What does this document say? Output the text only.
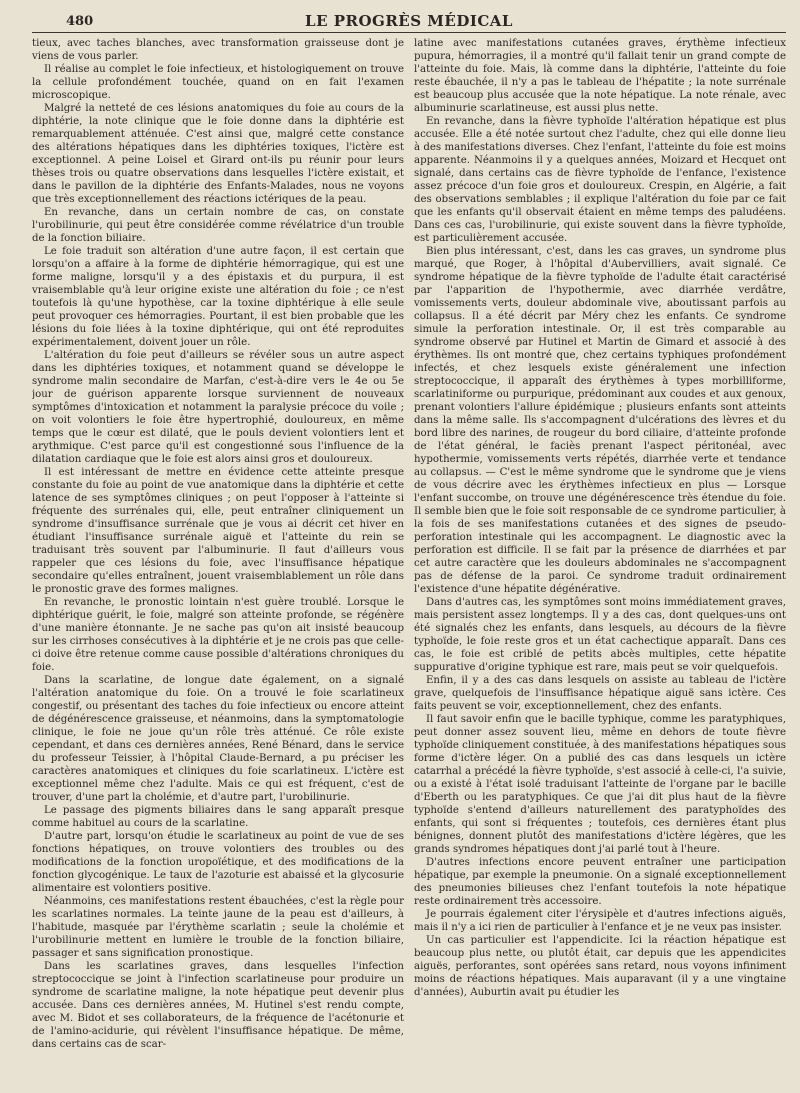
480	LE PROGRÈS MÉDICAL

tieux, avec taches blanches, avec transformation graisseuse dont je viens de vous parler.

Il réalise au complet le foie infectieux, et histologiquement on trouve la cellule profondément touchée, quand on en fait l'examen microscopique.

Malgré la netteté de ces lésions anatomiques du foie au cours de la diphtérie, la note clinique que le foie donne dans la diphtérie est remarquablement atténuée. C'est ainsi que, malgré cette constance des altérations hépatiques dans les diphtéries toxiques, l'ictère est exceptionnel. A peine Loisel et Girard ont-ils pu réunir pour leurs thèses trois ou quatre observations dans lesquelles l'ictère existait, et dans le pavillon de la diphtérie des Enfants-Malades, nous ne voyons que très exceptionnellement des réactions ictériques de la peau.

En revanche, dans un certain nombre de cas, on constate l'urobilinurie, qui peut être considérée comme révélatrice d'un trouble de la fonction biliaire.

Le foie traduit son altération d'une autre façon, il est certain que lorsqu'on a affaire à la forme de diphtérie hémorragique, qui est une forme maligne, lorsqu'il y a des épistaxis et du purpura, il est vraisemblable qu'à leur origine existe une altération du foie ; ce n'est toutefois là qu'une hypothèse, car la toxine diphtérique à elle seule peut provoquer ces hémorragies. Pourtant, il est bien probable que les lésions du foie liées à la toxine diphtérique, qui ont été reproduites expérimentalement, doivent jouer un rôle.

L'altération du foie peut d'ailleurs se révéler sous un autre aspect dans les diphtéries toxiques, et notamment quand se développe le syndrome malin secondaire de Marfan, c'est-à-dire vers le 4e ou 5e jour de guérison apparente lorsque surviennent de nouveaux symptômes d'intoxication et notamment la paralysie précoce du voile ; on voit volontiers le foie être hypertrophié, douloureux, en même temps que le cœur est dilaté, que le pouls devient volontiers lent et arythmique. C'est parce qu'il est congestionné sous l'influence de la dilatation cardiaque que le foie est alors ainsi gros et douloureux.

Il est intéressant de mettre en évidence cette atteinte presque constante du foie au point de vue anatomique dans la diphtérie et cette latence de ses symptômes cliniques ; on peut l'opposer à l'atteinte si fréquente des surrénales qui, elle, peut entraîner cliniquement un syndrome d'insuffisance surrénale que je vous ai décrit cet hiver en étudiant l'insuffisance surrénale aiguë et l'atteinte du rein se traduisant très souvent par l'albuminurie. Il faut d'ailleurs vous rappeler que ces lésions du foie, avec l'insuffisance hépatique secondaire qu'elles entraînent, jouent vraisemblablement un rôle dans le pronostic grave des formes malignes.

En revanche, le pronostic lointain n'est guère troublé. Lorsque le diphtérique guérit, le foie, malgré son atteinte profonde, se régénère d'une manière étonnante. Je ne sache pas qu'on ait insisté beaucoup sur les cirrhoses consécutives à la diphtérie et je ne crois pas que celle-ci doive être retenue comme cause possible d'altérations chroniques du foie.

Dans la scarlatine, de longue date également, on a signalé l'altération anatomique du foie. On a trouvé le foie scarlatineux congestif, ou présentant des taches du foie infectieux ou encore atteint de dégénérescence graisseuse, et néanmoins, dans la symptomatologie clinique, le foie ne joue qu'un rôle très atténué. Ce rôle existe cependant, et dans ces dernières années, René Bénard, dans le service du professeur Teissier, à l'hôpital Claude-Bernard, a pu préciser les caractères anatomiques et cliniques du foie scarlatineux. L'ictère est exceptionnel même chez l'adulte. Mais ce qui est fréquent, c'est de trouver, d'une part la cholémie, et d'autre part, l'urobilinurie.

Le passage des pigments biliaires dans le sang apparaît presque comme habituel au cours de la scarlatine.

D'autre part, lorsqu'on étudie le scarlatineux au point de vue de ses fonctions hépatiques, on trouve volontiers des troubles ou des modifications de la fonction uropoïétique, et des modifications de la fonction glycogénique. Le taux de l'azoturie est abaissé et la glycosurie alimentaire est volontiers positive.

Néanmoins, ces manifestations restent ébauchées, c'est la règle pour les scarlatines normales. La teinte jaune de la peau est d'ailleurs, à l'habitude, masquée par l'érythème scarlatin ; seule la cholémie et l'urobilinurie mettent en lumière le trouble de la fonction biliaire, passager et sans signification pronostique.

Dans les scarlatines graves, dans lesquelles l'infection streptococcique se joint à l'infection scarlatineuse pour produire un syndrome de scarlatine maligne, la note hépatique peut devenir plus accusée. Dans ces dernières années, M. Hutinel s'est rendu compte, avec M. Bidot et ses collaborateurs, de la fréquence de l'acétonurie et de l'amino-acidurie, qui révèlent l'insuffisance hépatique. De même, dans certains cas de scar-

latine avec manifestations cutanées graves, érythème infectieux pupura, hémorragies, il a montré qu'il fallait tenir un grand compte de l'atteinte du foie. Mais, là comme dans la diphtérie, l'atteinte du foie reste ébauchée, il n'y a pas le tableau de l'hépatite ; la note surrénale est beaucoup plus accusée que la note hépatique. La note rénale, avec albuminurie scarlatineuse, est aussi plus nette.

En revanche, dans la fièvre typhoïde l'altération hépatique est plus accusée. Elle a été notée surtout chez l'adulte, chez qui elle donne lieu à des manifestations diverses. Chez l'enfant, l'atteinte du foie est moins apparente. Néanmoins il y a quelques années, Moizard et Hecquet ont signalé, dans certains cas de fièvre typhoïde de l'enfance, l'existence assez précoce d'un foie gros et douloureux. Crespin, en Algérie, a fait des observations semblables ; il explique l'altération du foie par ce fait que les enfants qu'il observait étaient en même temps des paludéens. Dans ces cas, l'urobilinurie, qui existe souvent dans la fièvre typhoïde, est particulièrement accusée.

Bien plus intéressant, c'est, dans les cas graves, un syndrome plus marqué, que Roger, à l'hôpital d'Aubervilliers, avait signalé. Ce syndrome hépatique de la fièvre typhoïde de l'adulte était caractérisé par l'apparition de l'hypothermie, avec diarrhée verdâtre, vomissements verts, douleur abdominale vive, aboutissant parfois au collapsus. Il a été décrit par Méry chez les enfants. Ce syndrome simule la perforation intestinale. Or, il est très comparable au syndrome observé par Hutinel et Martin de Gimard et associé à des érythèmes. Ils ont montré que, chez certains typhiques profondément infectés, et chez lesquels existe généralement une infection streptococcique, il apparaît des érythèmes à types morbilliforme, scarlatiniforme ou purpurique, prédominant aux coudes et aux genoux, prenant volontiers l'allure épidémique ; plusieurs enfants sont atteints dans la même salle. Ils s'accompagnent d'ulcérations des lèvres et du bord libre des narines, de rougeur du bord ciliaire, d'atteinte profonde de l'état général, le faciès prenant l'aspect péritonéal, avec hypothermie, vomissements verts répétés, diarrhée verte et tendance au collapsus. — C'est le même syndrome que le syndrome que je viens de vous décrire avec les érythèmes infectieux en plus — Lorsque l'enfant succombe, on trouve une dégénérescence très étendue du foie. Il semble bien que le foie soit responsable de ce syndrome particulier, à la fois de ses manifestations cutanées et des signes de pseudo-perforation intestinale qui les accompagnent. Le diagnostic avec la perforation est difficile. Il se fait par la présence de diarrhées et par cet autre caractère que les douleurs abdominales ne s'accompagnent pas de défense de la paroi. Ce syndrome traduit ordinairement l'existence d'une hépatite dégénérative.

Dans d'autres cas, les symptômes sont moins immédiatement graves, mais persistent assez longtemps. Il y a des cas, dont quelques-uns ont été signalés chez les enfants, dans lesquels, au décours de la fièvre typhoïde, le foie reste gros et un état cachectique apparaît. Dans ces cas, le foie est criblé de petits abcès multiples, cette hépatite suppurative d'origine typhique est rare, mais peut se voir quelquefois.

Enfin, il y a des cas dans lesquels on assiste au tableau de l'ictère grave, quelquefois de l'insuffisance hépatique aiguë sans ictère. Ces faits peuvent se voir, exceptionnellement, chez des enfants.

Il faut savoir enfin que le bacille typhique, comme les paratyphiques, peut donner assez souvent lieu, même en dehors de toute fièvre typhoïde cliniquement constituée, à des manifestations hépatiques sous forme d'ictère léger. On a publié des cas dans lesquels un ictère catarrhal a précédé la fièvre typhoïde, s'est associé à celle-ci, l'a suivie, ou a existé à l'état isolé traduisant l'atteinte de l'organe par le bacille d'Eberth ou les paratyphiques. Ce que j'ai dit plus haut de la fièvre typhoïde s'entend d'ailleurs naturellement des paratyphoïdes des enfants, qui sont si fréquentes ; toutefois, ces dernières étant plus bénignes, donnent plutôt des manifestations d'ictère légères, que les grands syndromes hépatiques dont j'ai parlé tout à l'heure.

D'autres infections encore peuvent entraîner une participation hépatique, par exemple la pneumonie. On a signalé exceptionnellement des pneumonies bilieuses chez l'enfant toutefois la note hépatique reste ordinairement très accessoire.

Je pourrais également citer l'érysipèle et d'autres infections aiguës, mais il n'y a ici rien de particulier à l'enfance et je ne veux pas insister.

Un cas particulier est l'appendicite. Ici la réaction hépatique est beaucoup plus nette, ou plutôt était, car depuis que les appendicites aiguës, perforantes, sont opérées sans retard, nous voyons infiniment moins de réactions hépatiques. Mais auparavant (il y a une vingtaine d'années), Auburtin avait pu étudier les
